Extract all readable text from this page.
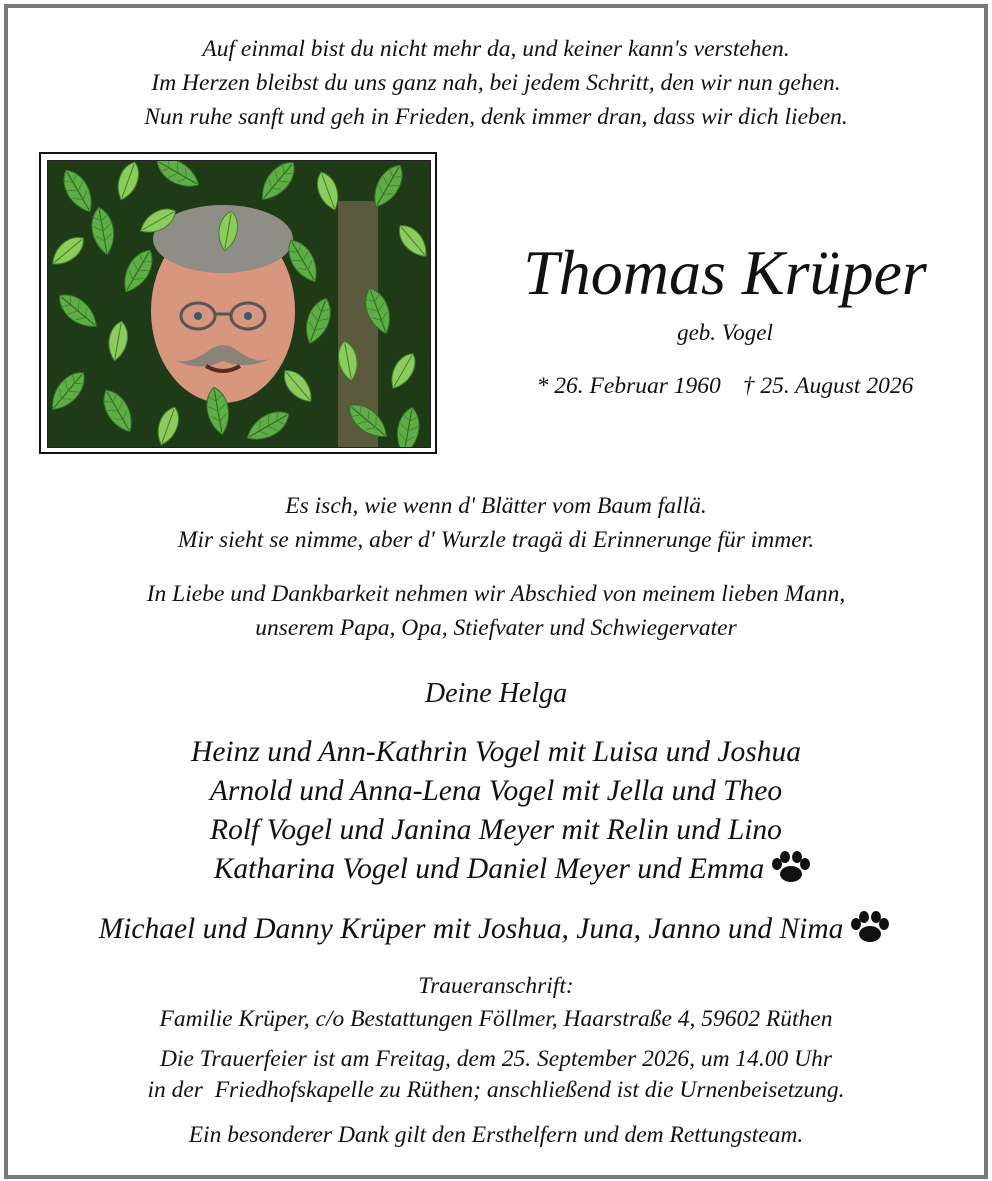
Auf einmal bist du nicht mehr da, und keiner kann's verstehen.
Im Herzen bleibst du uns ganz nah, bei jedem Schritt, den wir nun gehen.
Nun ruhe sanft und geh in Frieden, denk immer dran, dass wir dich lieben.
Thomas Krüper
geb. Vogel
* 26. Februar 1960 † 25. August 2026
Es isch, wie wenn d' Blätter vom Baum fallä.
Mir sieht se nimme, aber d' Wurzle tragä di Erinnerunge für immer.
In Liebe und Dankbarkeit nehmen wir Abschied von meinem lieben Mann,
unserem Papa, Opa, Stiefvater und Schwiegervater
Deine Helga
Heinz und Ann-Kathrin Vogel mit Luisa und Joshua
Arnold und Anna-Lena Vogel mit Jella und Theo
Rolf Vogel und Janina Meyer mit Relin und Lino
Katharina Vogel und Daniel Meyer und Emma
Michael und Danny Krüper mit Joshua, Juna, Janno und Nima
Traueranschrift:
Familie Krüper, c/o Bestattungen Föllmer, Haarstraße 4, 59602 Rüthen
Die Trauerfeier ist am Freitag, dem 25. September 2026, um 14.00 Uhr
in der  Friedhofskapelle zu Rüthen; anschließend ist die Urnenbeisetzung.
Ein besonderer Dank gilt den Ersthelfern und dem Rettungsteam.
